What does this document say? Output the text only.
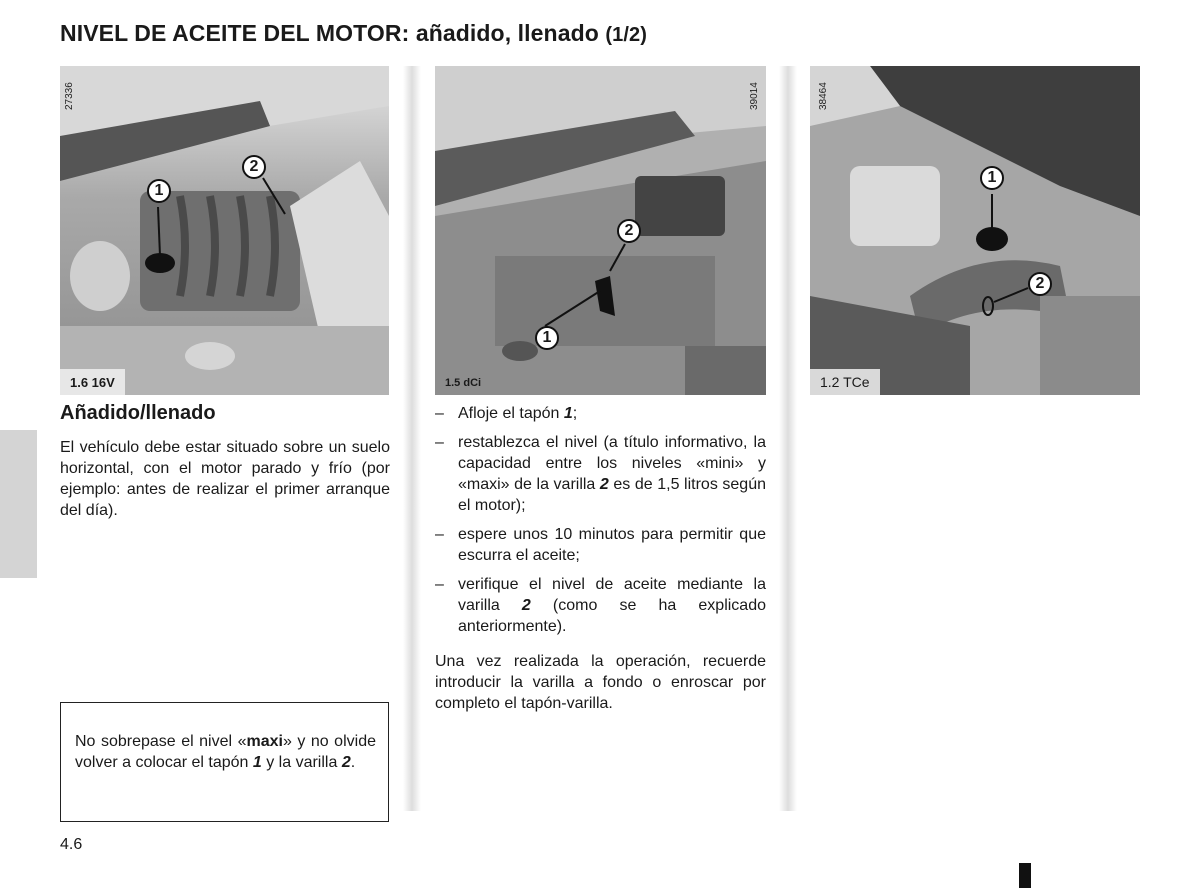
NIVEL DE ACEITE DEL MOTOR: añadido, llenado (1/2)
27336
1
2
1.6 16V
39014
2
1
1.5 dCi
38464
1
2
1.2 TCe
Añadido/llenado

El vehículo debe estar situado sobre un suelo horizontal, con el motor parado y frío (por ejemplo: antes de realizar el primer arranque del día).

No sobrepase el nivel «maxi» y no olvide volver a colocar el tapón 1 y la varilla 2.
– Afloje el tapón 1;
– restablezca el nivel (a título informativo, la capacidad entre los niveles «mini» y «maxi» de la varilla 2 es de 1,5 litros según el motor);
– espere unos 10 minutos para permitir que escurra el aceite;
– verifique el nivel de aceite mediante la varilla 2 (como se ha explicado anteriormente).

Una vez realizada la operación, recuerde introducir la varilla a fondo o enroscar por completo el tapón-varilla.

4.6
